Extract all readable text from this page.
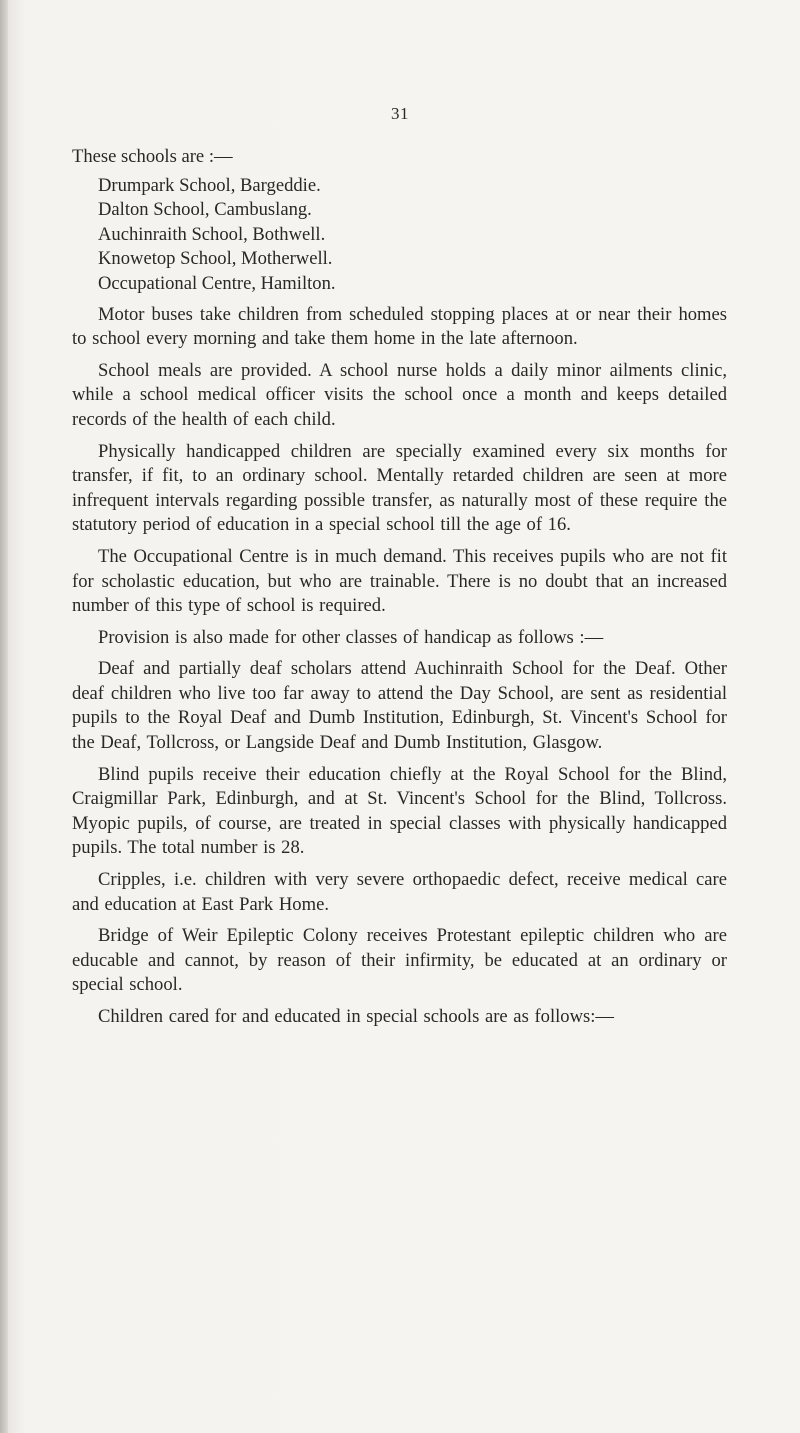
31

These schools are :—

Drumpark School, Bargeddie.
Dalton School, Cambuslang.
Auchinraith School, Bothwell.
Knowetop School, Motherwell.
Occupational Centre, Hamilton.

Motor buses take children from scheduled stopping places at or near their homes to school every morning and take them home in the late afternoon.

School meals are provided. A school nurse holds a daily minor ailments clinic, while a school medical officer visits the school once a month and keeps detailed records of the health of each child.

Physically handicapped children are specially examined every six months for transfer, if fit, to an ordinary school. Mentally retarded children are seen at more infrequent intervals regarding possible transfer, as naturally most of these require the statutory period of education in a special school till the age of 16.

The Occupational Centre is in much demand. This receives pupils who are not fit for scholastic education, but who are trainable. There is no doubt that an increased number of this type of school is required.

Provision is also made for other classes of handicap as follows :—

Deaf and partially deaf scholars attend Auchinraith School for the Deaf. Other deaf children who live too far away to attend the Day School, are sent as residential pupils to the Royal Deaf and Dumb Institution, Edinburgh, St. Vincent's School for the Deaf, Tollcross, or Langside Deaf and Dumb Institution, Glasgow.

Blind pupils receive their education chiefly at the Royal School for the Blind, Craigmillar Park, Edinburgh, and at St. Vincent's School for the Blind, Tollcross. Myopic pupils, of course, are treated in special classes with physically handicapped pupils. The total number is 28.

Cripples, i.e. children with very severe orthopaedic defect, receive medical care and education at East Park Home.

Bridge of Weir Epileptic Colony receives Protestant epileptic children who are educable and cannot, by reason of their infirmity, be educated at an ordinary or special school.

Children cared for and educated in special schools are as follows:—
